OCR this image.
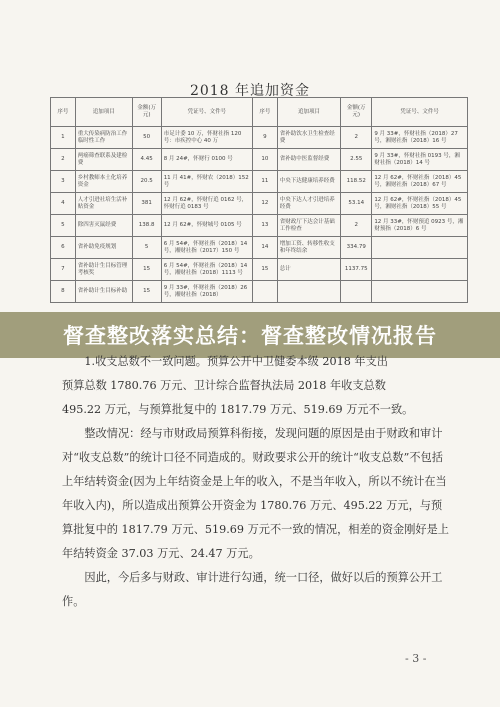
2018 年追加资金
序号	追加项目	金额(万元)	凭证号、文件号	序号	追加项目	金额(万元)	凭证号、文件号
1	重大传染病防治工作临时性工作	50	市足计委 10 万，怀财社指 120 号：市疾控中心 40 万	9	省补助饮水卫生检查经费	2	9 月 33#，怀财社指（2018）27 号，湘财社指（2018）16 号
2	两癌筛查联系及建检费	4.45	8 月 24#，怀财行 0100 号	10	省补助中医监督经费	2.55	9 月 33#，怀财社指 0193 号，湘财社指（2018）14 号
3	乡村教师本土化培养资金	20.5	11 月 41#，怀财农（2018）152 号	11	中央下达健康培养经费	118.52	12 月 62#，怀财社指（2018）45 号，湘财社指（2018）67 号
4	人才引进社培生活补贴资金	381	12 月 62#，怀财行追 0162 号，怀财行追 0183 号	12	中央下达人才引进培养经费	53.14	12 月 62#，怀财社指（2018）45 号，湘财社指（2018）55 号
5	除四害灭鼠经费	138.8	12 月 62#，怀财城号 0105 号	13	省财政厅下达会计基础工作检查	2	12 月 33#，怀财预追 0923 号，湘财预指（2018）6 号
6	省补助免疫规划	5	6 月 54#，怀财社指（2018）14 号，湘财社指（2017）150 号	14	增加工资、转移性收支和年终结余	334.79	
7	省补助计生目标管理考核奖	15	6 月 54#，怀财社指（2018）14 号，湘财社指（2018）1113 号	15	总计	1137.75	
8	省补助计生目标补助	15	9 月 33#，怀财社指（2018）26 号，湘财社指（2018）				
督查整改落实总结：督查整改情况报告

1.收支总数不一致问题。预算公开中卫健委本级 2018 年支出

预算总数 1780.76 万元、卫计综合监督执法局 2018 年收支总数

495.22 万元，与预算批复中的 1817.79 万元、519.69 万元不一致。

整改情况：经与市财政局预算科衔接，发现问题的原因是由于财政和审计对“收支总数”的统计口径不同造成的。财政要求公开的统计“收支总数”不包括上年结转资金(因为上年结资金是上年的收入，不是当年收入，所以不统计在当年收入内)，所以造成出预算公开资金为 1780.76 万元、495.22 万元，与预算批复中的 1817.79 万元、519.69 万元不一致的情况，相差的资金刚好是上年结转资金 37.03 万元、24.47 万元。

因此，今后多与财政、审计进行勾通，统一口径，做好以后的预算公开工作。

- 3 -
